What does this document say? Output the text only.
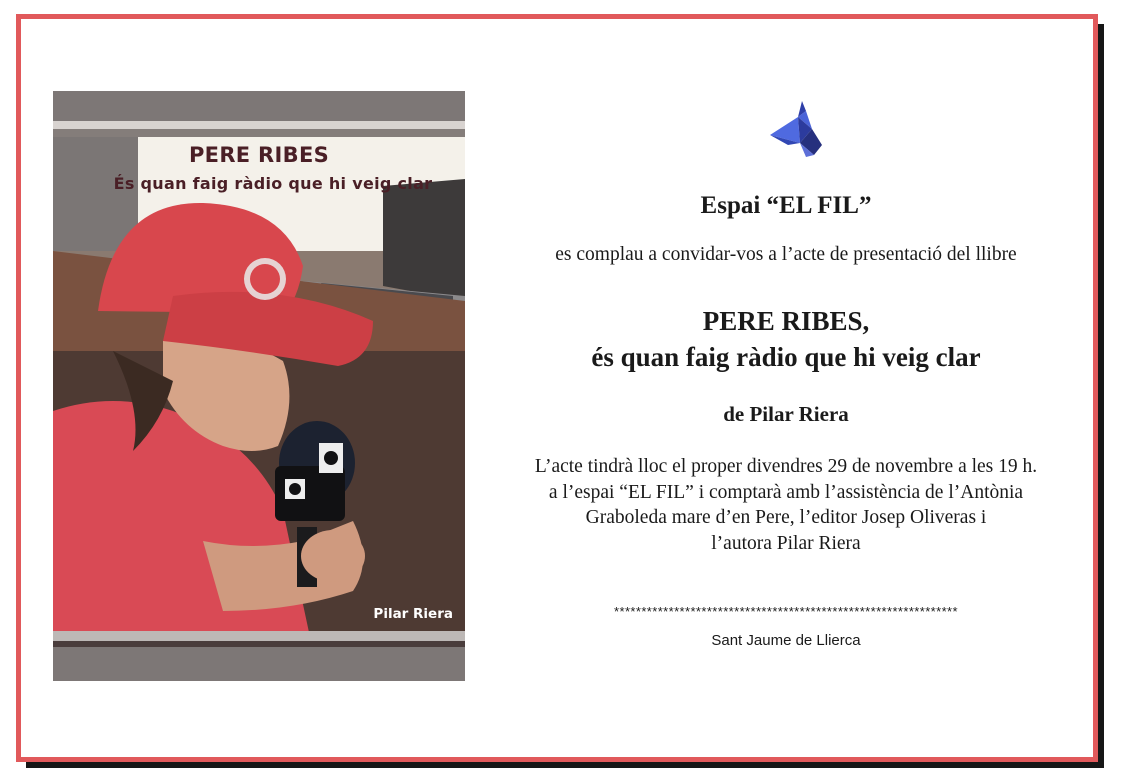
PERE RIBES
És quan faig ràdio que hi veig clar
Pilar Riera
Espai “EL FIL”
es complau a convidar-vos a l’acte de presentació del llibre
PERE RIBES,
és quan faig ràdio que hi veig clar
de Pilar Riera
L’acte tindrà lloc el proper divendres 29 de novembre a les 19 h.
a l’espai “EL FIL” i comptarà amb l’assistència de l’Antònia
Graboleda mare d’en Pere, l’editor Josep Oliveras i
l’autora Pilar Riera
***************************************************************
Sant Jaume de Llierca
